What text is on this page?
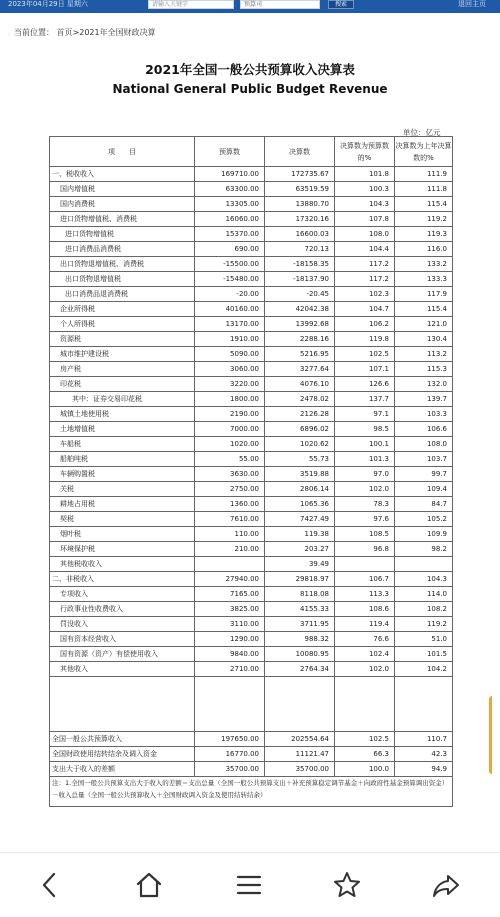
2023年04月29日 星期六	请输入关键字	预算司	搜索	退回主页
当前位置： 首页>2021年全国财政决算
2021年全国一般公共预算收入决算表
National General Public Budget Revenue
单位：亿元
项　　目	预算数	决算数	决算数为预算数的%	决算数为上年决算数的%
一、税收收入	169710.00	172735.67	101.8	111.9
国内增值税	63300.00	63519.59	100.3	111.8
国内消费税	13305.00	13880.70	104.3	115.4
进口货物增值税、消费税	16060.00	17320.16	107.8	119.2
进口货物增值税	15370.00	16600.03	108.0	119.3
进口消费品消费税	690.00	720.13	104.4	116.0
出口货物退增值税、消费税	-15500.00	-18158.35	117.2	133.2
出口货物退增值税	-15480.00	-18137.90	117.2	133.3
出口消费品退消费税	-20.00	-20.45	102.3	117.9
企业所得税	40160.00	42042.38	104.7	115.4
个人所得税	13170.00	13992.68	106.2	121.0
资源税	1910.00	2288.16	119.8	130.4
城市维护建设税	5090.00	5216.95	102.5	113.2
房产税	3060.00	3277.64	107.1	115.3
印花税	3220.00	4076.10	126.6	132.0
其中：证券交易印花税	1800.00	2478.02	137.7	139.7
城镇土地使用税	2190.00	2126.28	97.1	103.3
土地增值税	7000.00	6896.02	98.5	106.6
车船税	1020.00	1020.62	100.1	108.0
船舶吨税	55.00	55.73	101.3	103.7
车辆购置税	3630.00	3519.88	97.0	99.7
关税	2750.00	2806.14	102.0	109.4
耕地占用税	1360.00	1065.36	78.3	84.7
契税	7610.00	7427.49	97.6	105.2
烟叶税	110.00	119.38	108.5	109.9
环境保护税	210.00	203.27	96.8	98.2
其他税收收入		39.49		
二、非税收入	27940.00	29818.97	106.7	104.3
专项收入	7165.00	8118.08	113.3	114.0
行政事业性收费收入	3825.00	4155.33	108.6	108.2
罚没收入	3110.00	3711.95	119.4	119.2
国有资本经营收入	1290.00	988.32	76.6	51.0
国有资源（资产）有偿使用收入	9840.00	10080.95	102.4	101.5
其他收入	2710.00	2764.34	102.0	104.2

全国一般公共预算收入	197650.00	202554.64	102.5	110.7
全国财政使用结转结余及调入资金	16770.00	11121.47	66.3	42.3
支出大于收入的差额	35700.00	35700.00	100.0	94.9
注：1.全国一般公共预算支出大于收入的差额＝支出总量（全国一般公共预算支出＋补充预算稳定调节基金＋向政府性基金预算调出资金）－收入总量（全国一般公共预算收入＋全国财政调入资金及使用结转结余）				
